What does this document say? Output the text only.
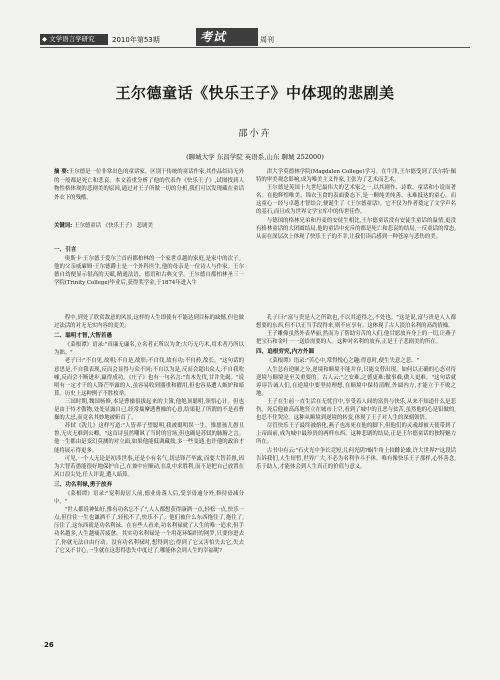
◆ 文学语言学研究 2010年第53期	考试	周刊
王尔德童话《快乐王子》中体现的悲剧美
邵小卉
(聊城大学 东昌学院 英语系,山东 聊城 252000)
摘 要:王尔德是一位非常出色的童话家。区别于传统的童话作家,其作品结局无外的一般都是死亡和悲哀。本文着重分析了他的代表作《快乐王子》,试图找到人物性格体现的悲剧美的原因,通过对王子所做一切的分析,我们可以发现藏在童话外衣下的残酷。
关键词: 王尔德童话 《快乐王子》 悲剧美
一、引言

奥斯卡·王尔德于爱尔兰首府都柏林的一个家世卓越的家庭,是家中的次子。他的父亲威廉姆·王尔德爵士是一个外科医生,他的母亲是一位诗人与作家。王尔德自幼便显示很高的天赋,精通法语、德语和古典文学。王尔德自都柏林圣三一学院(Trinity College)毕业后,获得奖学金,于1874年进入牛

津大学莫德林学院(Magdalen College)学习。在牛津,王尔德受到了沃尔特·佩特的审美观念影响,成为唯美主义作家,主张为了艺术而艺术。

王尔德是英国十九世纪最伟大的艺术家之一,以其剧作、诗歌、童话和小说而著名。在他辉煌唯美、锦衣玉食的表面姿态下,是一颗纯美纯善、永难抵达的童心。而这童心一经与卓越才智结合,便诞生了《王尔德童话》。它不仅为作者奠定了文学声名的基石,而且成为世界文学宝库中的传世佳作。

与德国的格林兄弟和丹麦的安徒生相比,王尔德童话没有安徒生童话的温情,更没有格林童话的大团圆结局,他的童话中充斥的都是死亡和悲哀的结局,一反童话的常态,从而在深层次上体现了快乐王子的不幸,让我们读后感到一种苍凉与悲伤的美。

程中,到处了欣赏敌意的风景,这样的人生即使有不能达到目标的缺憾,但也做过法活的对无无实内容的変美。

二、聪明才智,大智若愚

《菜根谭》语录:"真廉无廉名,立名者正所以为贪;大巧无巧术,用术者乃所以为拙。"

老子曰:"不自见,故明;不自是,故彰;不自伐,故有功;不自矜,故长。"这句话的意思是,不自我表现,反而会显得与众不同;不自以为是,反而会超出众人;不自我吹嘘,反而会不断进步,赢得成功。《庄子》也有一句名言:"直木先伐,甘井先竭。"说明有一定才干的人锋芒毕露的人,虽容易收到器重和擢用,但也容易遭人嫉妒和暗算。历史上这种例子不胜枚举。

三国时期,魏国杨修,本是曹操很拔起来的主簿,他绝顶聪明,领悟心计。但也是由于恃才傲物,处处显露自己,经常揣摩透曹操的心意,结果犯了所谓的不是看曹操的大忌,而竟名其妙地被斩首了。

苏轼《洗儿》这样写道:"人皆养子望聪明,我被聪明误一生。惟愿孩儿愚且鲁,无灾无难到公卿。"这首诗虽然嘲讽了当时的官场,但也确是苏轼的肺腑之言。他一生都由是变幻莫测的对立面,如果他能低调藏拙,多一些变通,也许他的政治才能将展示得更多。

可见,一个人无论是初涉世事,还是小有名气,切忌锋芒毕露,而要大智若愚,因为大智若愚能很好地保护自己,在兼中应顺动,在乱中求胜利,而不是把自己放置在风口浪尖处,任人评说,遭人暗算。

三、功名利禄,勇于放弃

《菜根谭》语录:"宠利毋居人前,德业毋落人后,受享毋逾分外,修持毋减分中。"

"世人都说神仙好,惟有功名忘不了",人人都想获得康洒一点,轻松一点,快乐一点,但往往一生也谦洒不了,轻松不了,快乐不了。他们被什么东西拖住了,拖住了,压住了,这东西就是功名利禄。在有些人看来,功名利禄就了人生的唯一追求,但手功名越多,人生越痛苦疲惫。其实功名利禄是一个用花环编织的网罗,只要你进去了,你就无法自由行动。没有功名利禄时,想得到它;得到了它又害怕失去它,失去了它又不甘心,一生就在这患得患失中度过了,哪能体会到人生的幸福呢?

孔子曰:"富与贵是人之所欲也,不以其道得之,不处也。"这是说,富与贵是人人都想要的东西,但不以正当手段得来,则不应享有。这体现了古人淡泊名利的高尚情操。

王子雕像虽然外表华丽,然而为了帮助穷苦的人们,他甘愿放弃身上的一切,让燕子把宝石和金叶一一送给需要的人。这种对名利的放弃,正是王子悲剧美的所在。

四、追根穷究,内方外圆

《菜根谭》语录:"苦心中,常得悦心之趣;得意时,便生失意之悲。"

人生总有逆顺之分,逆境和顺境不能并存,只能交替出现。如何以正确的心态对待逆境与顺境是至关重要的。古人云:"之安难,之德更难;做事难,做人更难。"这句话就谆谆告诫人们,在逆境中要坚持理想,在顺境中保持清醒,外圆内方,才能立于不败之地。

王子在生前一直生活在无忧宫中,享受着人间的富贵与快乐,从来不知道什么是悲伤。死后他被高高地竖立在城市上空,看到了城中的丑恶与贫苦,虽然他的心是铅做的,也忍不住哭泣。这种从顺境到逆境的转变,体现了王子对人生的深刻领悟。

尽管快乐王子最终被熔化,燕子也冻死在他的脚下,但他们的灵魂却被天使带到了上帝面前,成为城中最珍贵的两样东西。这种悲剧的结局,正是王尔德童话的独特魅力所在。

古书中有云:"石火光中争长竞短,几何光阴?蜗牛角上较雌论雄,许大世界?"这段话告诉我们,人生短暂,世界广大,不必为名利争斗不休。唯有像快乐王子那样,心怀善念,乐于助人,才能体会到人生真正的价值与意义。

26
